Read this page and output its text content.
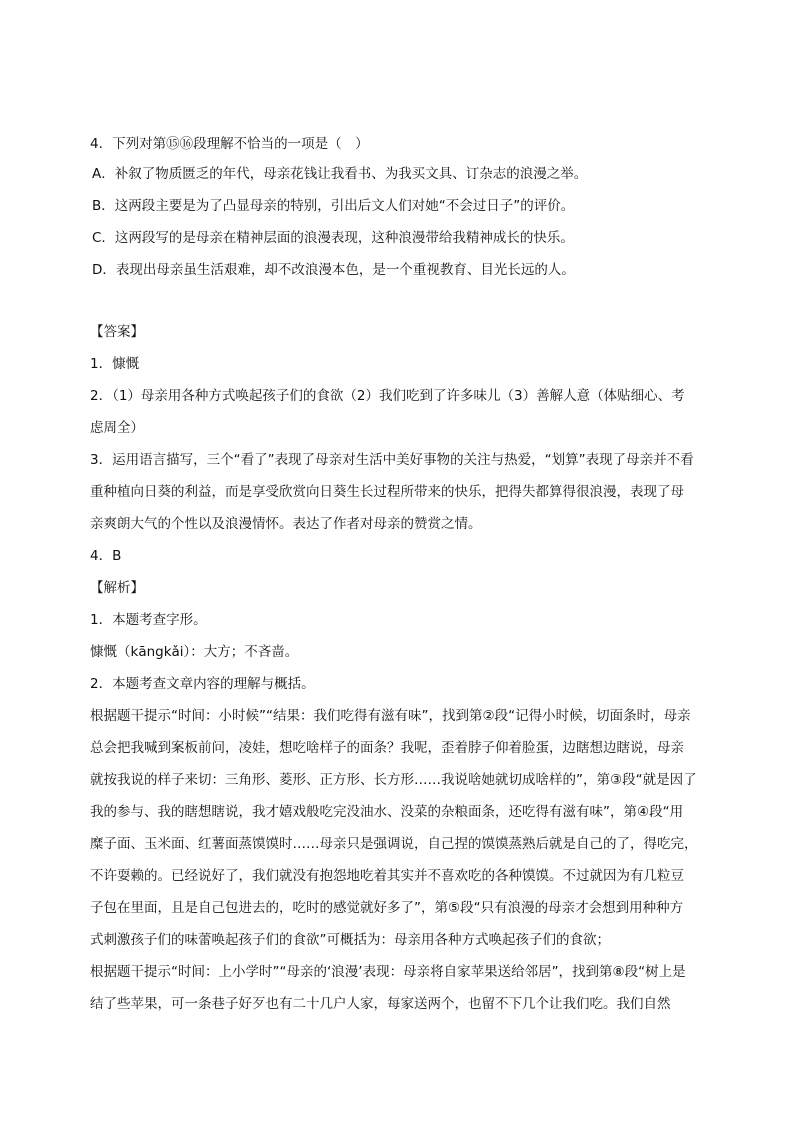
4．下列对第⑮⑯段理解不恰当的一项是（　）
A．补叙了物质匮乏的年代，母亲花钱让我看书、为我买文具、订杂志的浪漫之举。
B．这两段主要是为了凸显母亲的特别，引出后文人们对她“不会过日子”的评价。
C．这两段写的是母亲在精神层面的浪漫表现，这种浪漫带给我精神成长的快乐。
D．表现出母亲虽生活艰难，却不改浪漫本色，是一个重视教育、目光长远的人。
【答案】
1．慷慨
2．（1）母亲用各种方式唤起孩子们的食欲（2）我们吃到了许多味儿（3）善解人意（体贴细心、考
虑周全）
3．运用语言描写，三个“看了”表现了母亲对生活中美好事物的关注与热爱，“划算”表现了母亲并不看
重种植向日葵的利益，而是享受欣赏向日葵生长过程所带来的快乐，把得失都算得很浪漫，表现了母
亲爽朗大气的个性以及浪漫情怀。表达了作者对母亲的赞赏之情。
4．B
【解析】
1．本题考查字形。
慷慨（kāngkǎi）：大方；不吝啬。
2．本题考查文章内容的理解与概括。
根据题干提示“时间：小时候”“结果：我们吃得有滋有味”，找到第②段“记得小时候，切面条时，母亲
总会把我喊到案板前问，凌娃，想吃啥样子的面条？我呢，歪着脖子仰着脸蛋，边瞎想边瞎说，母亲
就按我说的样子来切：三角形、菱形、正方形、长方形……我说啥她就切成啥样的”，第③段“就是因了
我的参与、我的瞎想瞎说，我才嬉戏般吃完没油水、没菜的杂粮面条，还吃得有滋有味”，第④段“用
糜子面、玉米面、红薯面蒸馍馍时……母亲只是强调说，自己捏的馍馍蒸熟后就是自己的了，得吃完，
不许耍赖的。已经说好了，我们就没有抱怨地吃着其实并不喜欢吃的各种馍馍。不过就因为有几粒豆
子包在里面，且是自己包进去的，吃时的感觉就好多了”，第⑤段“只有浪漫的母亲才会想到用种种方
式刺激孩子们的味蕾唤起孩子们的食欲”可概括为：母亲用各种方式唤起孩子们的食欲；
根据题干提示“时间：上小学时”“母亲的‘浪漫’表现：母亲将自家苹果送给邻居”，找到第⑧段“树上是
结了些苹果，可一条巷子好歹也有二十几户人家，每家送两个，也留不下几个让我们吃。我们自然
